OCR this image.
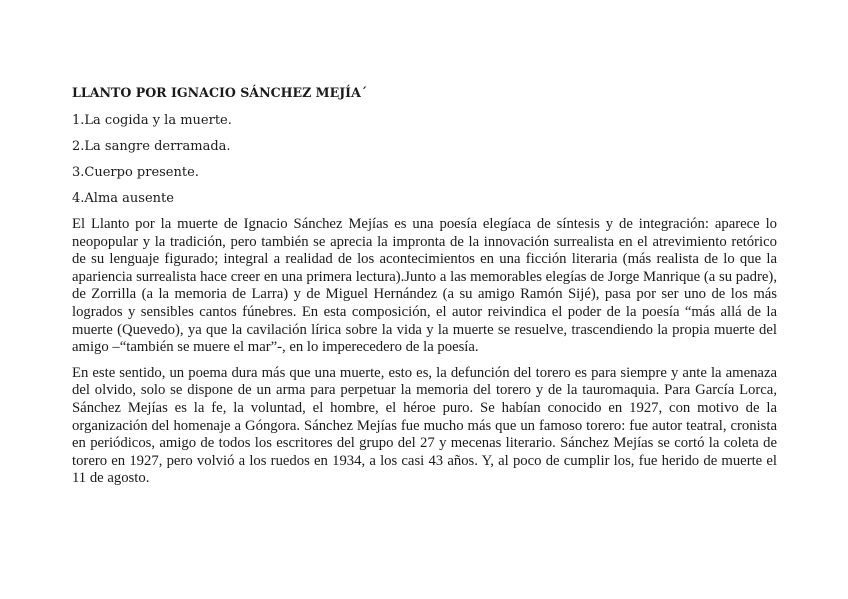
LLANTO POR IGNACIO SÁNCHEZ MEJÍA´
1.La cogida y la muerte.
2.La sangre derramada.
3.Cuerpo presente.
4.Alma ausente

El Llanto por la muerte de Ignacio Sánchez Mejías es una poesía elegíaca de síntesis y de integración: aparece lo neopopular y la tradición, pero también se aprecia la impronta de la innovación surrealista en el atrevimiento retórico de su lenguaje figurado; integral a realidad de los acontecimientos en una ficción literaria (más realista de lo que la apariencia surrealista hace creer en una primera lectura).Junto a las memorables elegías de Jorge Manrique (a su padre), de Zorrilla (a la memoria de Larra) y de Miguel Hernández (a su amigo Ramón Sijé), pasa por ser uno de los más logrados y sensibles cantos fúnebres. En esta composición, el autor reivindica el poder de la poesía “más allá de la muerte (Quevedo), ya que la cavilación lírica sobre la vida y la muerte se resuelve, trascendiendo la propia muerte del amigo –“también se muere el mar”-, en lo imperecedero de la poesía.

En este sentido, un poema dura más que una muerte, esto es, la defunción del torero es para siempre y ante la amenaza del olvido, solo se dispone de un arma para perpetuar la memoria del torero y de la tauromaquia. Para García Lorca, Sánchez Mejías es la fe, la voluntad, el hombre, el héroe puro. Se habían conocido en 1927, con motivo de la organización del homenaje a Góngora. Sánchez Mejías fue mucho más que un famoso torero: fue autor teatral, cronista en periódicos, amigo de todos los escritores del grupo del 27 y mecenas literario. Sánchez Mejías se cortó la coleta de torero en 1927, pero volvió a los ruedos en 1934, a los casi 43 años. Y, al poco de cumplir los, fue herido de muerte el 11 de agosto.
